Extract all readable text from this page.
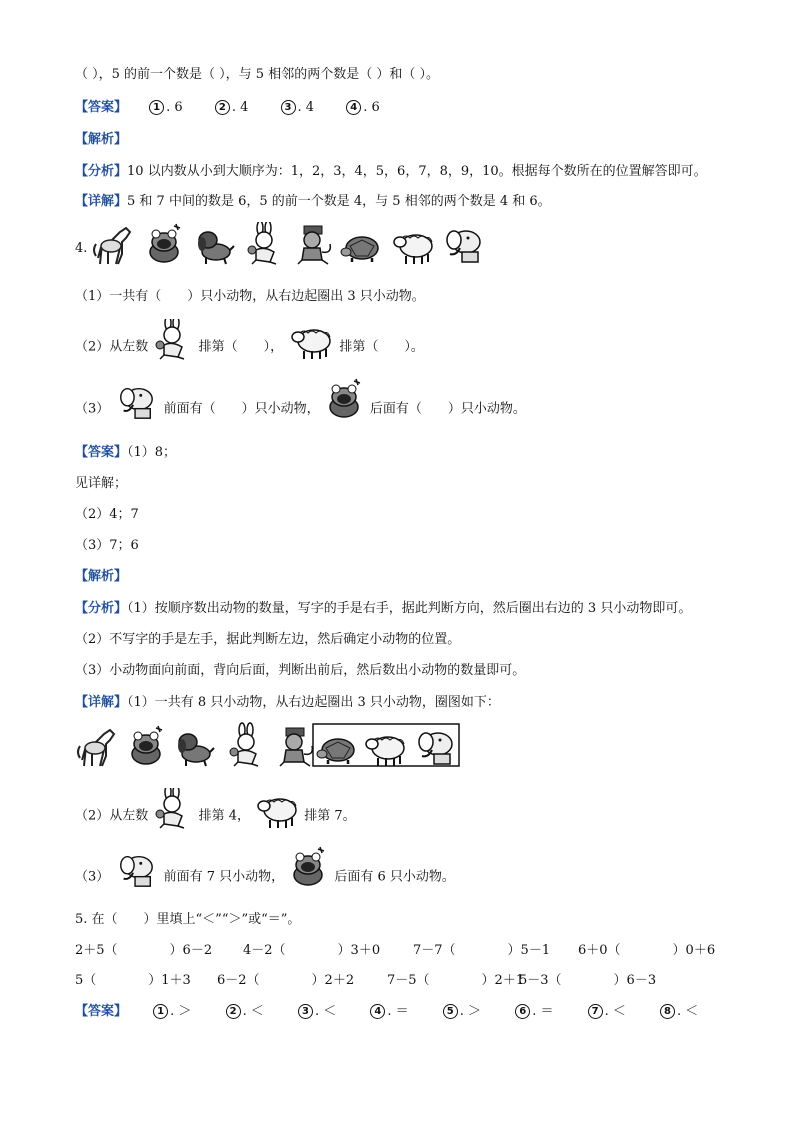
（ ），5 的前一个数是（ ），与 5 相邻的两个数是（ ）和（ ）。
【答案】	1 . 6	2 . 4	3 . 4	4 . 6
【解析】
【分析】10 以内数从小到大顺序为：1，2，3，4，5，6，7，8，9，10。根据每个数所在的位置解答即可。
【详解】5 和 7 中间的数是 6，5 的前一个数是 4，与 5 相邻的两个数是 4 和 6。
4.
（1）一共有（　　）只小动物，从右边起圈出 3 只小动物。
（2）从左数	排第（　　），	排第（　　）。
（3）	前面有（　　）只小动物，	后面有（　　）只小动物。
【答案】（1）8；
见详解；
（2）4；7
（3）7；6
【解析】
【分析】（1）按顺序数出动物的数量，写字的手是右手，据此判断方向，然后圈出右边的 3 只小动物即可。
（2）不写字的手是左手，据此判断左边，然后确定小动物的位置。
（3）小动物面向前面，背向后面，判断出前后，然后数出小动物的数量即可。
【详解】（1）一共有 8 只小动物，从右边起圈出 3 只小动物，圈图如下：
（2）从左数	排第 4，	排第 7。
（3）	前面有 7 只小动物，	后面有 6 只小动物。
5. 在（　　）里填上“＜”“＞”或“＝”。
2＋5（　　　　）6－2 4－2（　　　　）3＋0	7－7（　　　　）5－1 6＋0（　　　　）0＋6
5（　　　　）1＋3 6－2（　　　　）2＋2	7－5（　　　　）2＋15－3（　　　　）6－3
【答案】	1 . ＞	2 . ＜	3 . ＜	4 . ＝	5 . ＞	6 . ＝	7 . ＜	8 . ＜
